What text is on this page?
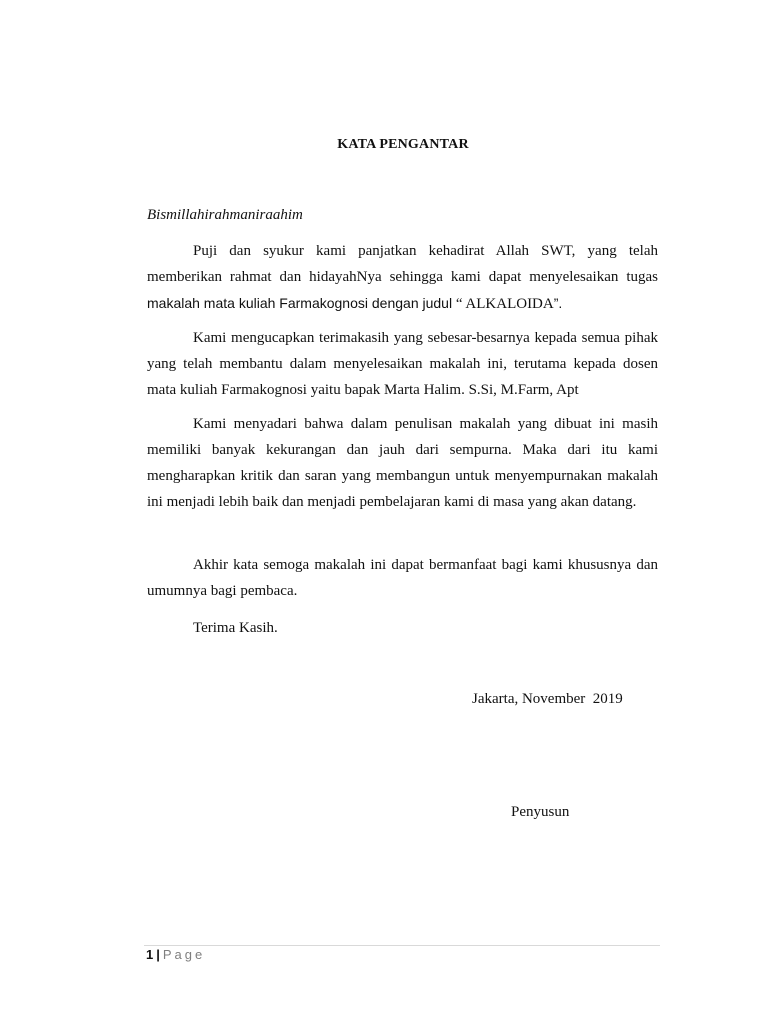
KATA PENGANTAR
Bismillahirahmaniraahim
Puji dan syukur kami panjatkan kehadirat Allah SWT, yang telah memberikan rahmat dan hidayahNya sehingga kami dapat menyelesaikan tugas makalah mata kuliah Farmakognosi dengan judul “ ALKALOIDA”.
Kami mengucapkan terimakasih yang sebesar-besarnya kepada semua pihak yang telah membantu dalam menyelesaikan makalah ini, terutama kepada dosen mata kuliah Farmakognosi yaitu bapak Marta Halim. S.Si, M.Farm, Apt
Kami menyadari bahwa dalam penulisan makalah yang dibuat ini masih memiliki banyak kekurangan dan jauh dari sempurna. Maka dari itu kami mengharapkan kritik dan saran yang membangun untuk menyempurnakan makalah ini menjadi lebih baik dan menjadi pembelajaran kami di masa yang akan datang.
Akhir kata semoga makalah ini dapat bermanfaat bagi kami khususnya dan umumnya bagi pembaca.
Terima Kasih.
Jakarta, November  2019
Penyusun
1 | Page
